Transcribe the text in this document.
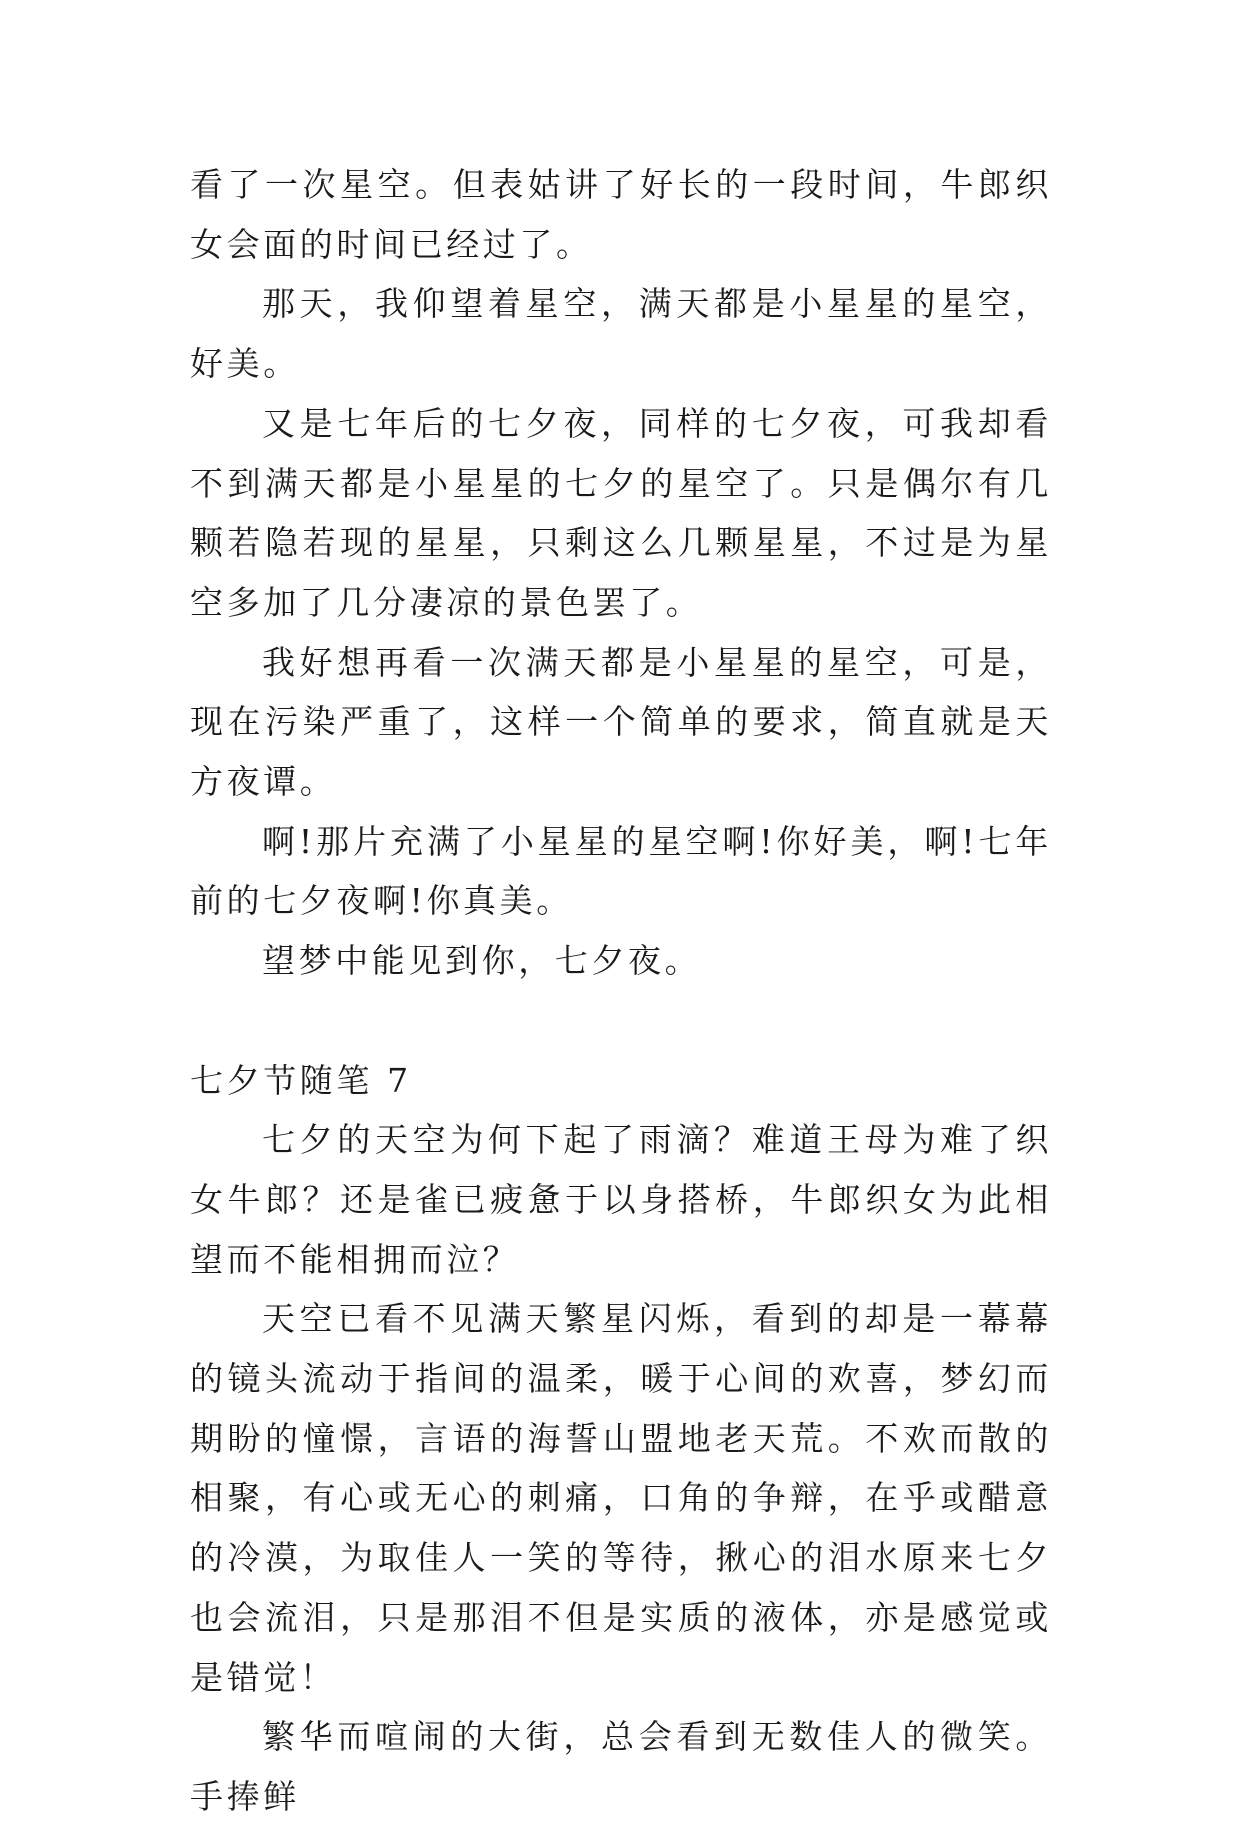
看了一次星空。但表姑讲了好长的一段时间，牛郎织女会面的时间已经过了。

那天，我仰望着星空，满天都是小星星的星空，好美。

又是七年后的七夕夜，同样的七夕夜，可我却看不到满天都是小星星的七夕的星空了。只是偶尔有几颗若隐若现的星星，只剩这么几颗星星，不过是为星空多加了几分凄凉的景色罢了。

我好想再看一次满天都是小星星的星空，可是，现在污染严重了，这样一个简单的要求，简直就是天方夜谭。

啊!那片充满了小星星的星空啊!你好美，啊!七年前的七夕夜啊!你真美。

望梦中能见到你，七夕夜。

七夕节随笔 7

七夕的天空为何下起了雨滴？难道王母为难了织女牛郎？还是雀已疲惫于以身搭桥，牛郎织女为此相望而不能相拥而泣？

天空已看不见满天繁星闪烁，看到的却是一幕幕的镜头流动于指间的温柔，暖于心间的欢喜，梦幻而期盼的憧憬，言语的海誓山盟地老天荒。不欢而散的相聚，有心或无心的刺痛，口角的争辩，在乎或醋意的冷漠，为取佳人一笑的等待，揪心的泪水原来七夕也会流泪，只是那泪不但是实质的液体，亦是感觉或是错觉！

繁华而喧闹的大街，总会看到无数佳人的微笑。手捧鲜
